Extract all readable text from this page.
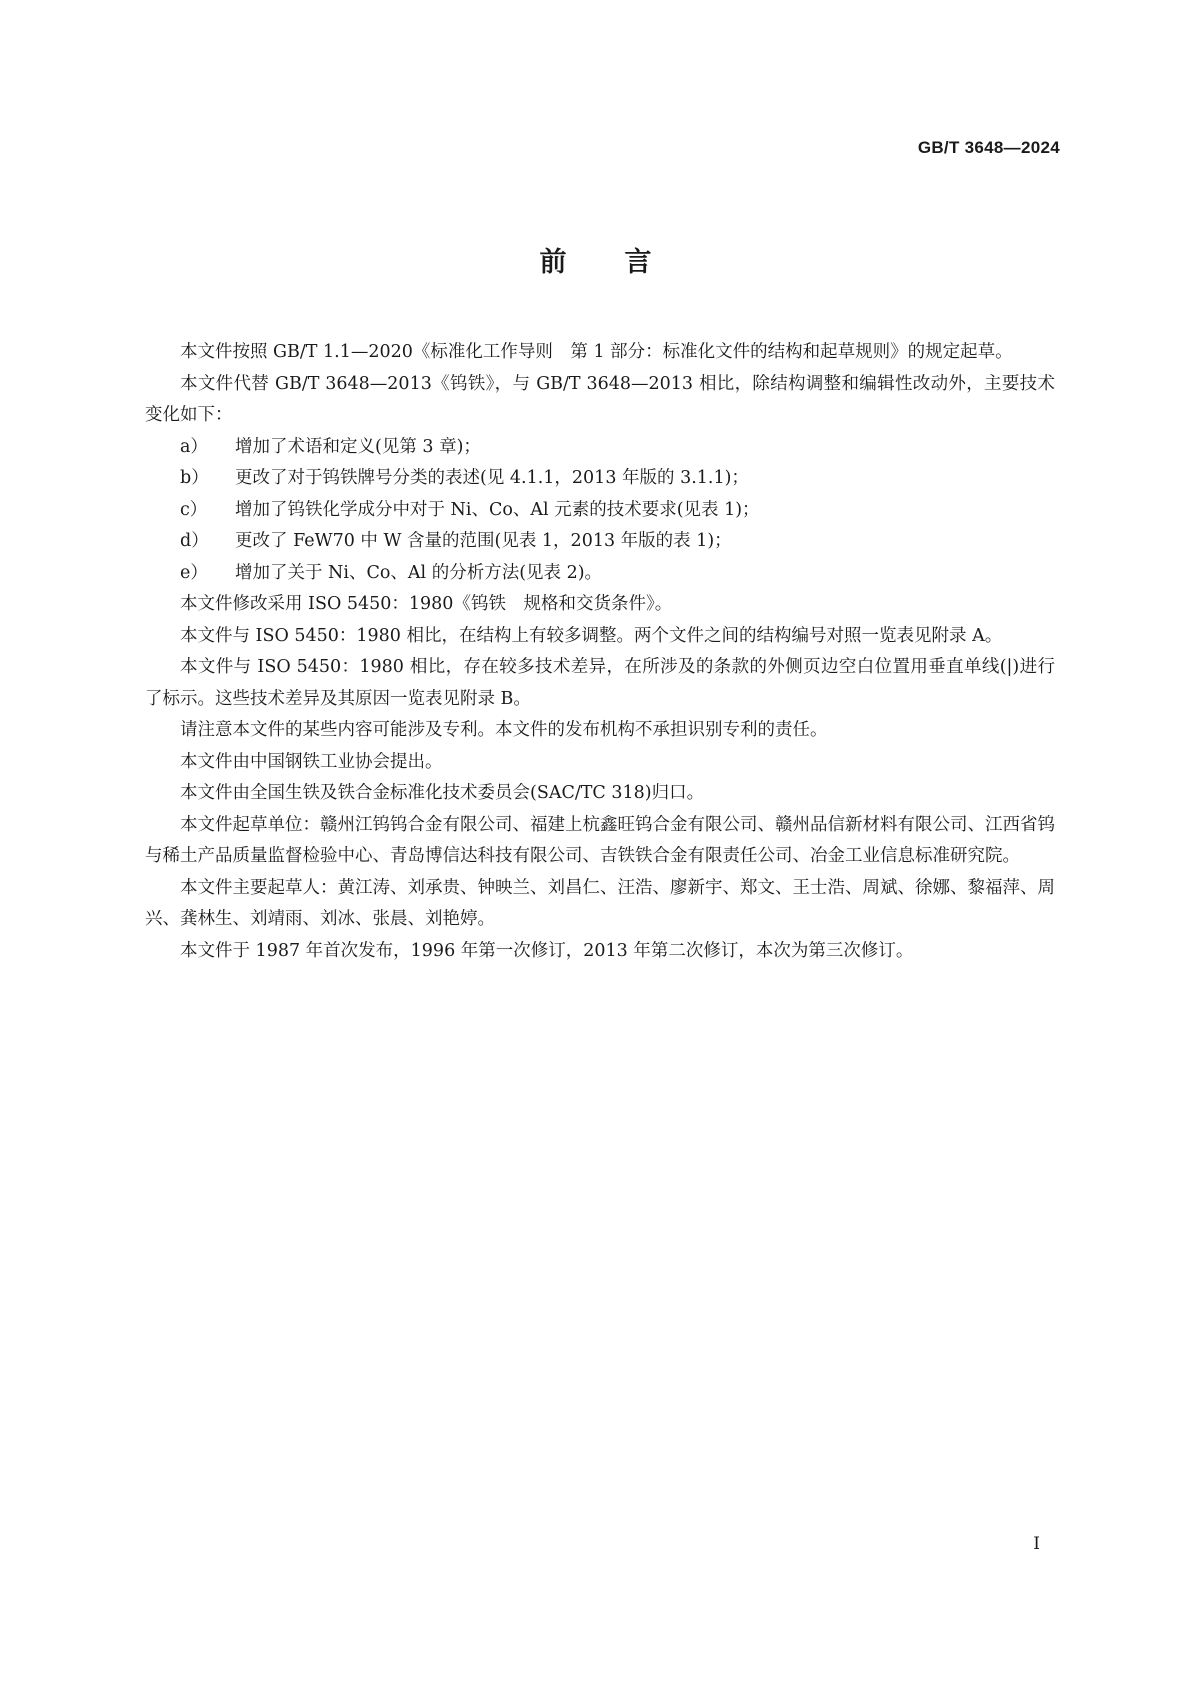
GB/T 3648—2024
前言

本文件按照 GB/T 1.1—2020《标准化工作导则 第 1 部分：标准化文件的结构和起草规则》的规定起草。

本文件代替 GB/T 3648—2013《钨铁》，与 GB/T 3648—2013 相比，除结构调整和编辑性改动外，主要技术变化如下：

a）	增加了术语和定义(见第 3 章)；
b）	更改了对于钨铁牌号分类的表述(见 4.1.1，2013 年版的 3.1.1)；
c）	增加了钨铁化学成分中对于 Ni、Co、Al 元素的技术要求(见表 1)；
d）	更改了 FeW70 中 W 含量的范围(见表 1，2013 年版的表 1)；
e）	增加了关于 Ni、Co、Al 的分析方法(见表 2)。

本文件修改采用 ISO 5450：1980《钨铁 规格和交货条件》。

本文件与 ISO 5450：1980 相比，在结构上有较多调整。两个文件之间的结构编号对照一览表见附录 A。

本文件与 ISO 5450：1980 相比，存在较多技术差异，在所涉及的条款的外侧页边空白位置用垂直单线(|)进行了标示。这些技术差异及其原因一览表见附录 B。

请注意本文件的某些内容可能涉及专利。本文件的发布机构不承担识别专利的责任。

本文件由中国钢铁工业协会提出。

本文件由全国生铁及铁合金标准化技术委员会(SAC/TC 318)归口。

本文件起草单位：赣州江钨钨合金有限公司、福建上杭鑫旺钨合金有限公司、赣州品信新材料有限公司、江西省钨与稀土产品质量监督检验中心、青岛博信达科技有限公司、吉铁铁合金有限责任公司、冶金工业信息标准研究院。

本文件主要起草人：黄江涛、刘承贵、钟映兰、刘昌仁、汪浩、廖新宇、郑文、王士浩、周斌、徐娜、黎福萍、周兴、龚林生、刘靖雨、刘冰、张晨、刘艳婷。

本文件于 1987 年首次发布，1996 年第一次修订，2013 年第二次修订，本次为第三次修订。

I
